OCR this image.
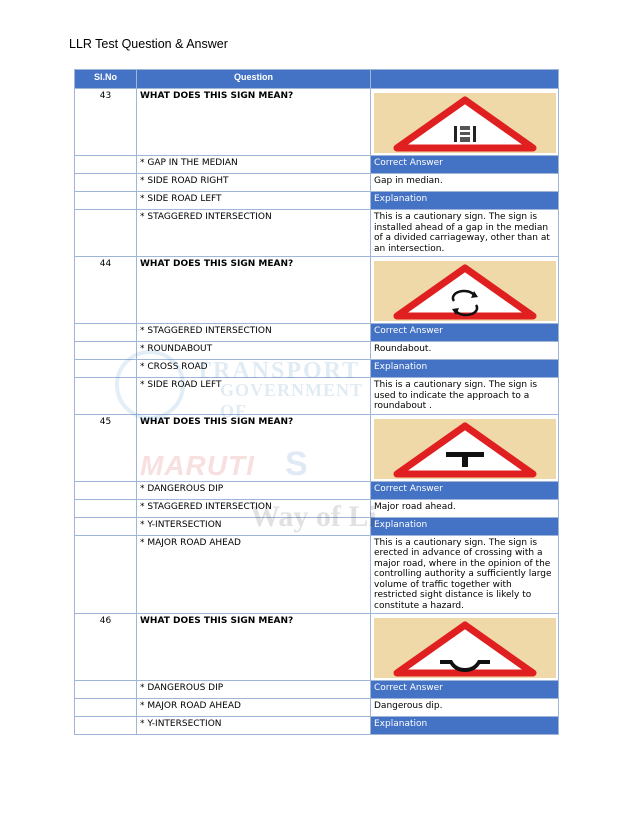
LLR Test Question & Answer
Sl.No	Question	
43	WHAT DOES THIS SIGN MEAN?	

	* GAP IN THE MEDIAN	Correct Answer
	* SIDE ROAD RIGHT	Gap in median.
	* SIDE ROAD LEFT	Explanation
	* STAGGERED INTERSECTION	This is a cautionary sign. The sign is installed ahead of a gap in the median of a divided carriageway, other than at an intersection.
44	WHAT DOES THIS SIGN MEAN?	

	* STAGGERED INTERSECTION	Correct Answer
	* ROUNDABOUT	Roundabout.
	* CROSS ROAD	Explanation
	* SIDE ROAD LEFT	This is a cautionary sign. The sign is used to indicate the approach to a roundabout .
45	WHAT DOES THIS SIGN MEAN?	

	* DANGEROUS DIP	Correct Answer
	* STAGGERED INTERSECTION	Major road ahead.
	* Y-INTERSECTION	Explanation
	* MAJOR ROAD AHEAD	This is a cautionary sign. The sign is erected in advance of crossing with a major road, where in the opinion of the controlling authority a sufficiently large volume of traffic together with restricted sight distance is likely to constitute a hazard.
46	WHAT DOES THIS SIGN MEAN?	

	* DANGEROUS DIP	Correct Answer
	* MAJOR ROAD AHEAD	Dangerous dip.
	* Y-INTERSECTION	Explanation
TRANSPORT
GOVERNMENT OF
MARUTI S
Way of Li
